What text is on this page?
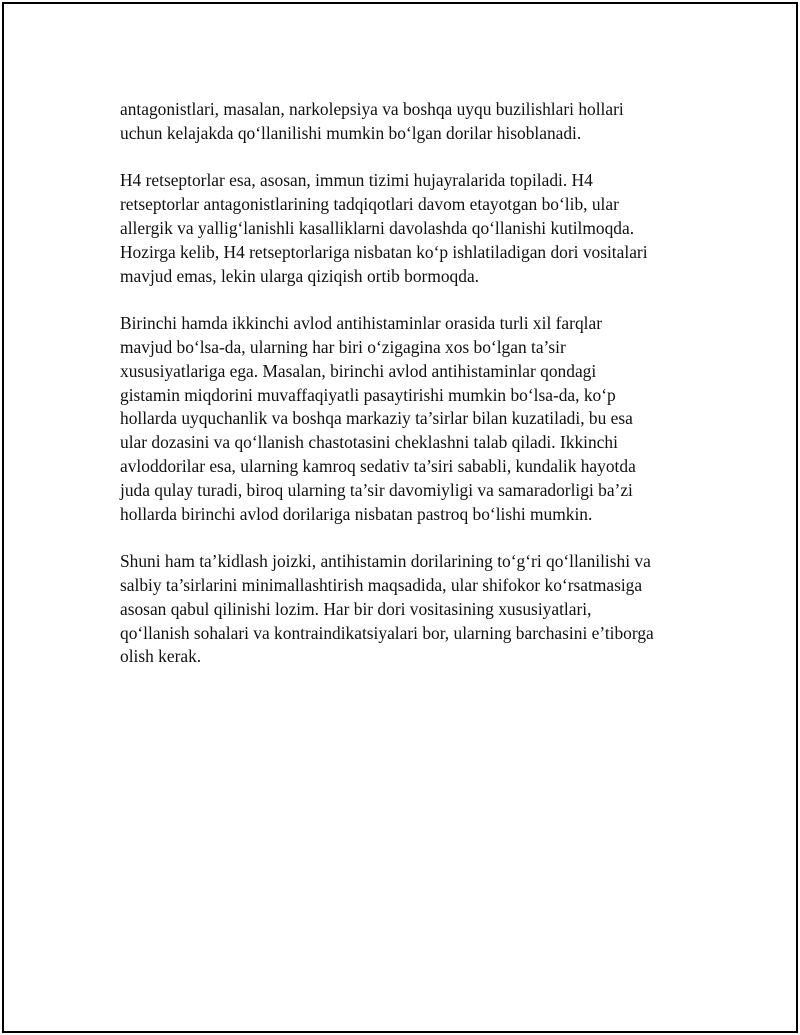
antagonistlari, masalan, narkolepsiya va boshqa uyqu buzilishlari hollari
uchun kelajakda qo‘llanilishi mumkin bo‘lgan dorilar hisoblanadi.

H4 retseptorlar esa, asosan, immun tizimi hujayralarida topiladi. H4
retseptorlar antagonistlarining tadqiqotlari davom etayotgan bo‘lib, ular
allergik va yallig‘lanishli kasalliklarni davolashda qo‘llanishi kutilmoqda.
Hozirga kelib, H4 retseptorlariga nisbatan ko‘p ishlatiladigan dori vositalari
mavjud emas, lekin ularga qiziqish ortib bormoqda.

Birinchi hamda ikkinchi avlod antihistaminlar orasida turli xil farqlar
mavjud bo‘lsa-da, ularning har biri o‘zigagina xos bo‘lgan ta’sir
xususiyatlariga ega. Masalan, birinchi avlod antihistaminlar qondagi
gistamin miqdorini muvaffaqiyatli pasaytirishi mumkin bo‘lsa-da, ko‘p
hollarda uyquchanlik va boshqa markaziy ta’sirlar bilan kuzatiladi, bu esa
ular dozasini va qo‘llanish chastotasini cheklashni talab qiladi. Ikkinchi
avloddorilar esa, ularning kamroq sedativ ta’siri sababli, kundalik hayotda
juda qulay turadi, biroq ularning ta’sir davomiyligi va samaradorligi ba’zi
hollarda birinchi avlod dorilariga nisbatan pastroq bo‘lishi mumkin.

Shuni ham ta’kidlash joizki, antihistamin dorilarining to‘g‘ri qo‘llanilishi va
salbiy ta’sirlarini minimallashtirish maqsadida, ular shifokor ko‘rsatmasiga
asosan qabul qilinishi lozim. Har bir dori vositasining xususiyatlari,
qo‘llanish sohalari va kontraindikatsiyalari bor, ularning barchasini e’tiborga
olish kerak.
